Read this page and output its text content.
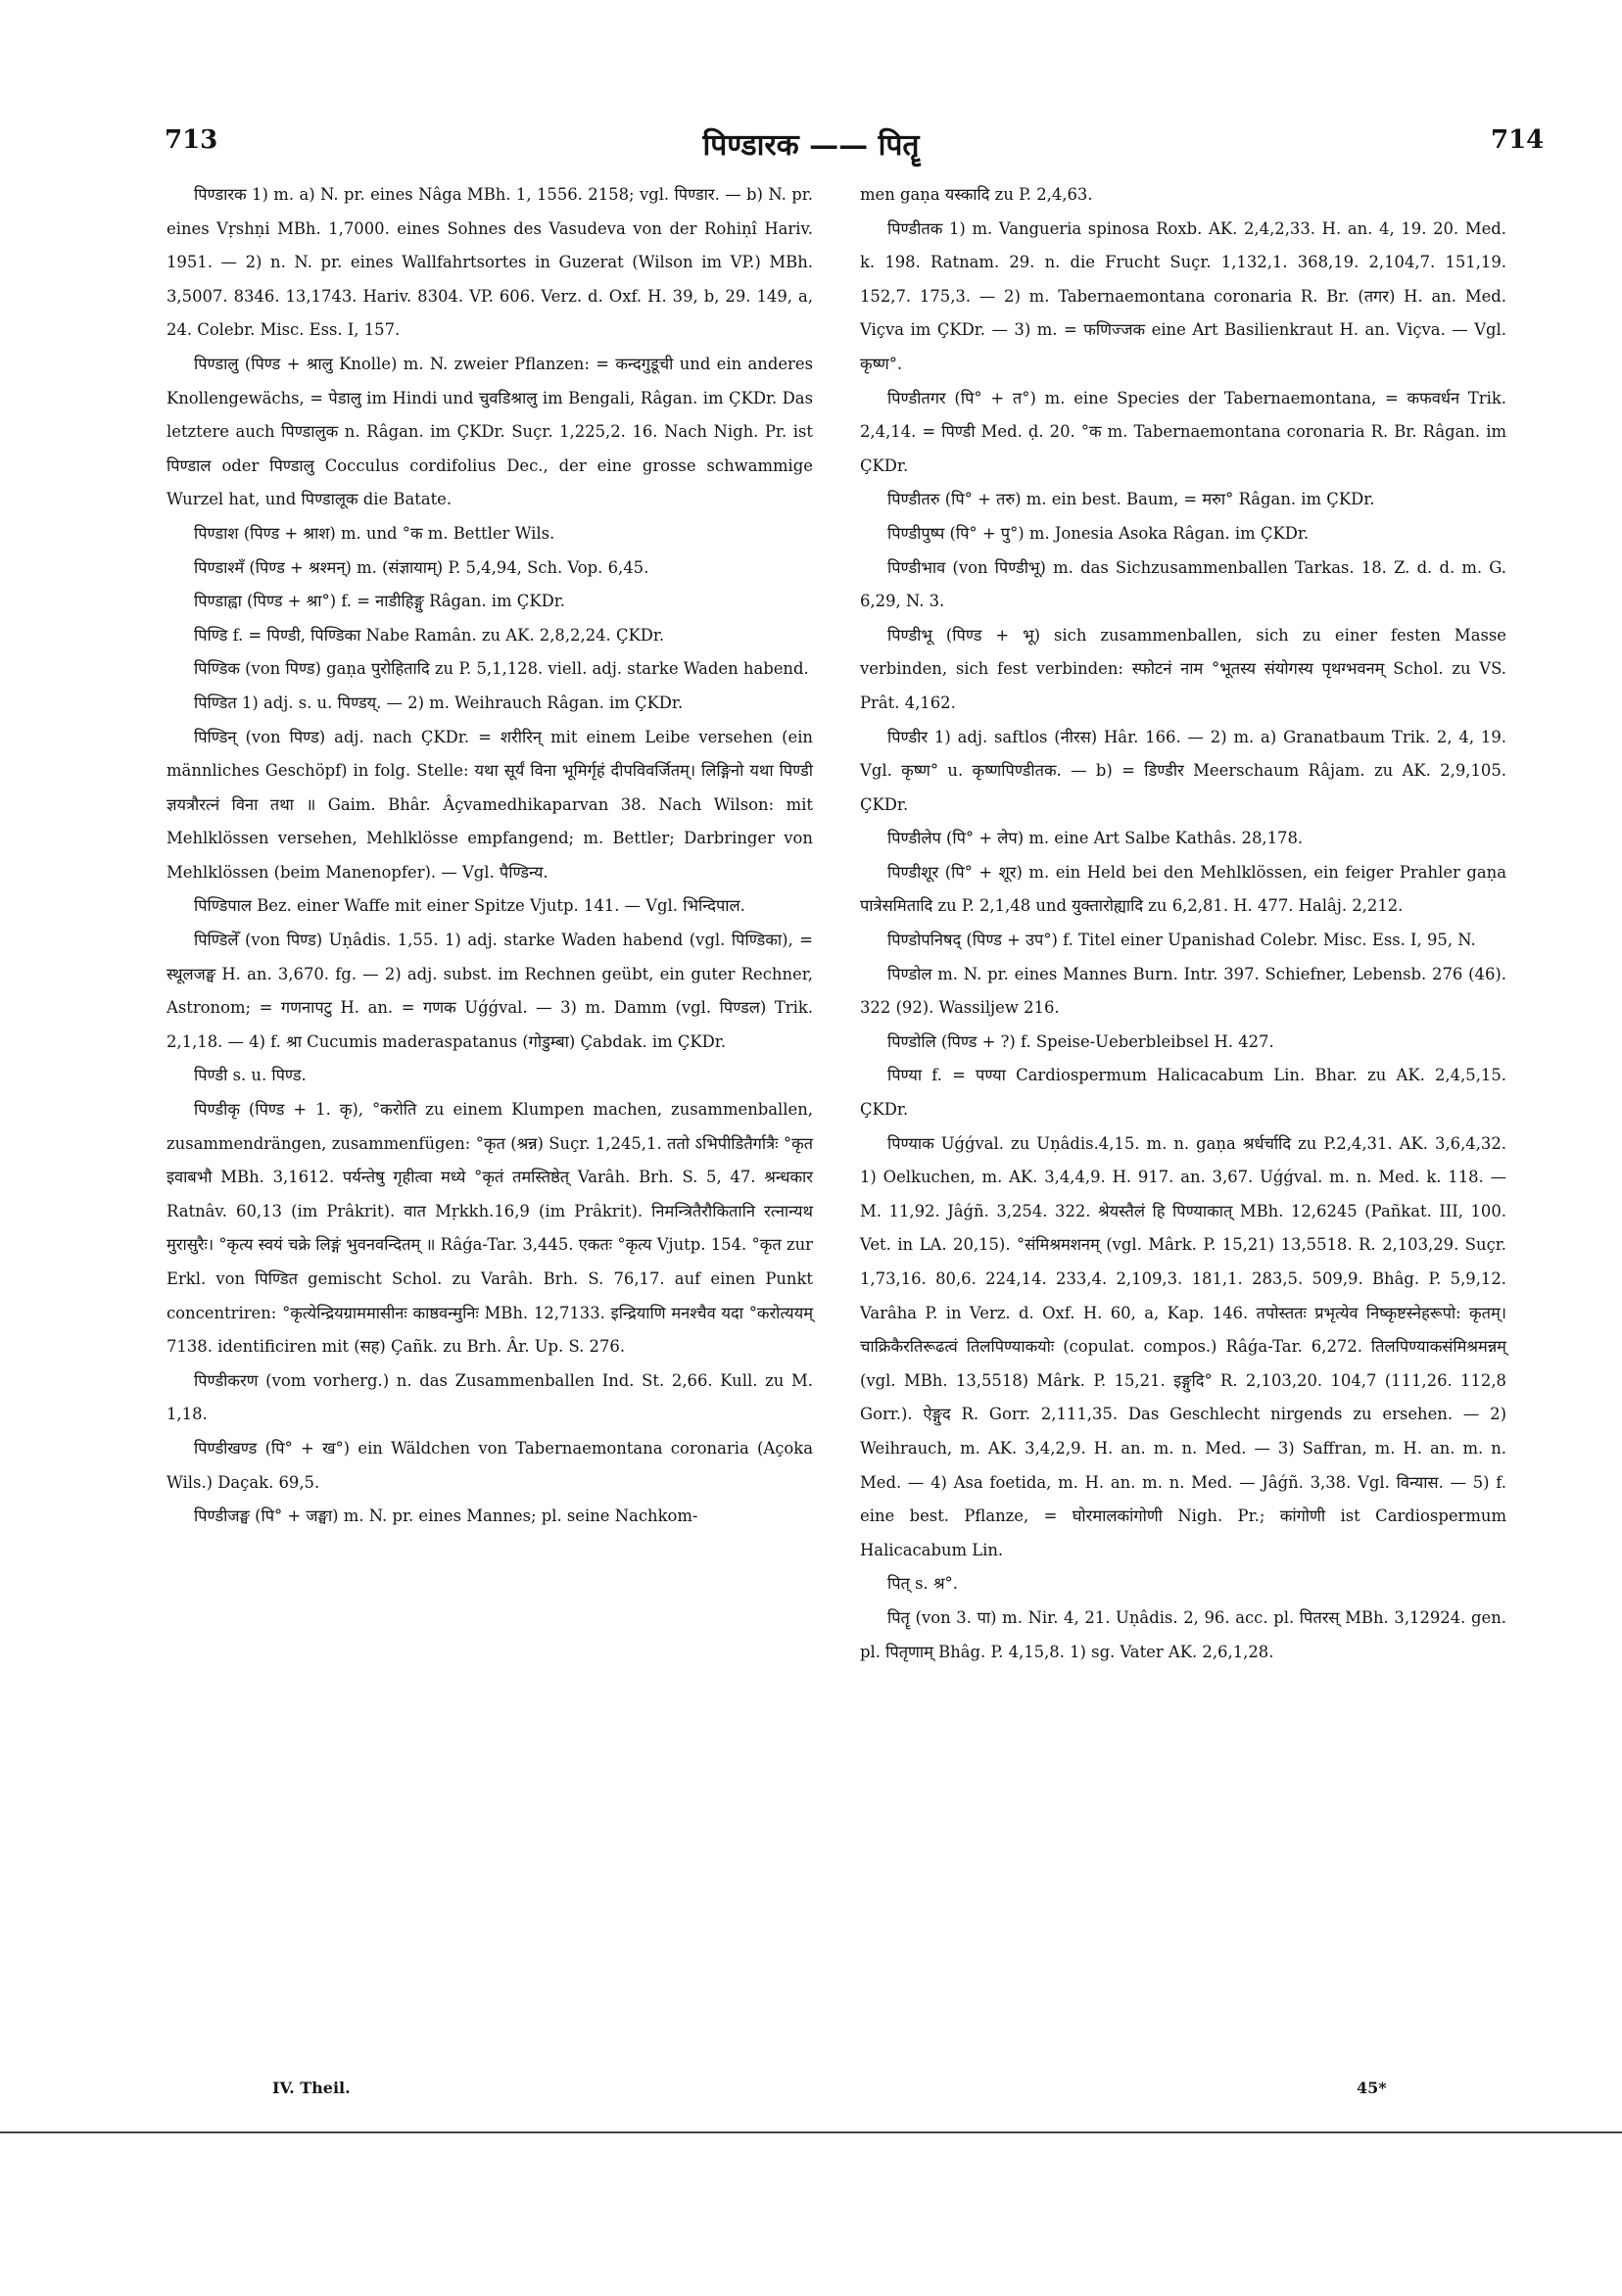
713	पिण्डारक —— पितॄ	714

पिण्डारक 1) m. a) N. pr. eines Nâga MBh. 1, 1556. 2158; vgl. पिण्डार. — b) N. pr. eines Vṛshṇi MBh. 1,7000. eines Sohnes des Vasudeva von der Rohiṇî Hariv. 1951. — 2) n. N. pr. eines Wallfahrtsortes in Guzerat (Wilson im VP.) MBh. 3,5007. 8346. 13,1743. Hariv. 8304. VP. 606. Verz. d. Oxf. H. 39, b, 29. 149, a, 24. Colebr. Misc. Ess. I, 157.

पिण्डालु (पिण्ड + श्रालु Knolle) m. N. zweier Pflanzen: = कन्दगुडूची und ein anderes Knollengewächs, = पेडालु im Hindi und चुवडिश्रालु im Bengali, Râgan. im ÇKDr. Das letztere auch पिण्डालुक n. Râgan. im ÇKDr. Suçr. 1,225,2. 16. Nach Nigh. Pr. ist पिण्डाल oder पिण्डालु Cocculus cordifolius Dec., der eine grosse schwammige Wurzel hat, und पिण्डालूक die Batate.

पिण्डाश (पिण्ड + श्राश) m. und °क m. Bettler Wils.

पिण्डाश्मँ (पिण्ड + श्रश्मन्) m. (संज्ञायाम्) P. 5,4,94, Sch. Vop. 6,45.

पिण्डाह्वा (पिण्ड + श्रा°) f. = नाडीहिङ्गु Râgan. im ÇKDr.

पिण्डि f. = पिण्डी, पिण्डिका Nabe Ramân. zu AK. 2,8,2,24. ÇKDr.

पिण्डिक (von पिण्ड) gaṇa पुरोहितादि zu P. 5,1,128. viell. adj. starke Waden habend.

पिण्डित 1) adj. s. u. पिण्डय्. — 2) m. Weihrauch Râgan. im ÇKDr.

पिण्डिन् (von पिण्ड) adj. nach ÇKDr. = शरीरिन् mit einem Leibe versehen (ein männliches Geschöpf) in folg. Stelle: यथा सूर्यं विना भूमिर्गृहं दीपविवर्जितम्। लिङ्गिनो यथा पिण्डी ज्ञयत्रौरत्नं विना तथा ॥ Gaim. Bhâr. Âçvamedhikaparvan 38. Nach Wilson: mit Mehlklössen versehen, Mehlklösse empfangend; m. Bettler; Darbringer von Mehlklössen (beim Manenopfer). — Vgl. पैण्डिन्य.

पिण्डिपाल Bez. einer Waffe mit einer Spitze Vjutp. 141. — Vgl. भिन्दिपाल.

पिण्डिलेँ (von पिण्ड) Uṇâdis. 1,55. 1) adj. starke Waden habend (vgl. पिण्डिका), = स्थूलजङ्घ H. an. 3,670. fg. — 2) adj. subst. im Rechnen geübt, ein guter Rechner, Astronom; = गणनापटु H. an. = गणक Uǵǵval. — 3) m. Damm (vgl. पिण्डल) Trik. 2,1,18. — 4) f. श्रा Cucumis maderaspatanus (गोडुम्बा) Çabdak. im ÇKDr.

पिण्डी s. u. पिण्ड.

पिण्डीकृ (पिण्ड + 1. कृ), °करोति zu einem Klumpen machen, zusammenballen, zusammendrängen, zusammenfügen: °कृत (श्रन्न) Suçr. 1,245,1. ततो ऽभिपीडितैर्गात्रैः °कृत इवाबभौ MBh. 3,1612. पर्यन्तेषु गृहीत्वा मध्ये °कृतं तमस्तिष्ठेत् Varâh. Brh. S. 5, 47. श्रन्धकार Ratnâv. 60,13 (im Prâkrit). वात Mṛkkh.16,9 (im Prâkrit). निमन्त्रितैरौकितानि रत्नान्यथ मुरासुरैः। °कृत्य स्वयं चक्रे लिङ्गं भुवनवन्दितम् ॥ Râǵa-Tar. 3,445. एकतः °कृत्य Vjutp. 154. °कृत zur Erkl. von पिण्डित gemischt Schol. zu Varâh. Brh. S. 76,17. auf einen Punkt concentriren: °कृत्येन्द्रियग्राममासीनः काष्ठवन्मुनिः MBh. 12,7133. इन्द्रियाणि मनश्चैव यदा °करोत्ययम् 7138. identificiren mit (सह) Çañk. zu Brh. Âr. Up. S. 276.

पिण्डीकरण (vom vorherg.) n. das Zusammenballen Ind. St. 2,66. Kull. zu M. 1,18.

पिण्डीखण्ड (पि° + ख°) ein Wäldchen von Tabernaemontana coronaria (Açoka Wils.) Daçak. 69,5.

पिण्डीजङ्घ (पि° + जङ्घा) m. N. pr. eines Mannes; pl. seine Nachkom-

men gaṇa यस्कादि zu P. 2,4,63.

पिण्डीतक 1) m. Vangueria spinosa Roxb. AK. 2,4,2,33. H. an. 4, 19. 20. Med. k. 198. Ratnam. 29. n. die Frucht Suçr. 1,132,1. 368,19. 2,104,7. 151,19. 152,7. 175,3. — 2) m. Tabernaemontana coronaria R. Br. (तगर) H. an. Med. Viçva im ÇKDr. — 3) m. = फणिज्जक eine Art Basilienkraut H. an. Viçva. — Vgl. कृष्ण°.

पिण्डीतगर (पि° + त°) m. eine Species der Tabernaemontana, = कफवर्धन Trik. 2,4,14. = पिण्डी Med. ḍ. 20. °क m. Tabernaemontana coronaria R. Br. Râgan. im ÇKDr.

पिण्डीतरु (पि° + तरु) m. ein best. Baum, = मरुा° Râgan. im ÇKDr.

पिण्डीपुष्प (पि° + पु°) m. Jonesia Asoka Râgan. im ÇKDr.

पिण्डीभाव (von पिण्डीभू) m. das Sichzusammenballen Tarkas. 18. Z. d. d. m. G. 6,29, N. 3.

पिण्डीभू (पिण्ड + भू) sich zusammenballen, sich zu einer festen Masse verbinden, sich fest verbinden: स्फोटनं नाम °भूतस्य संयोगस्य पृथग्भवनम् Schol. zu VS. Prât. 4,162.

पिण्डीर 1) adj. saftlos (नीरस) Hâr. 166. — 2) m. a) Granatbaum Trik. 2, 4, 19. Vgl. कृष्ण° u. कृष्णपिण्डीतक. — b) = डिण्डीर Meerschaum Râjam. zu AK. 2,9,105. ÇKDr.

पिण्डीलेप (पि° + लेप) m. eine Art Salbe Kathâs. 28,178.

पिण्डीशूर (पि° + शूर) m. ein Held bei den Mehlklössen, ein feiger Prahler gaṇa पात्रेसमितादि zu P. 2,1,48 und युक्तारोह्यादि zu 6,2,81. H. 477. Halâj. 2,212.

पिण्डोपनिषद् (पिण्ड + उप°) f. Titel einer Upanishad Colebr. Misc. Ess. I, 95, N.

पिण्डोल m. N. pr. eines Mannes Burn. Intr. 397. Schiefner, Lebensb. 276 (46). 322 (92). Wassiljew 216.

पिण्डोलि (पिण्ड + ?) f. Speise-Ueberbleibsel H. 427.

पिण्या f. = पण्या Cardiospermum Halicacabum Lin. Bhar. zu AK. 2,4,5,15. ÇKDr.

पिण्याक Uǵǵval. zu Uṇâdis.4,15. m. n. gaṇa श्रर्धर्चादि zu P.2,4,31. AK. 3,6,4,32. 1) Oelkuchen, m. AK. 3,4,4,9. H. 917. an. 3,67. Uǵǵval. m. n. Med. k. 118. — M. 11,92. Jâǵñ. 3,254. 322. श्रेयस्तैलं हि पिण्याकात् MBh. 12,6245 (Pañkat. III, 100. Vet. in LA. 20,15). °संमिश्रमशनम् (vgl. Mârk. P. 15,21) 13,5518. R. 2,103,29. Suçr. 1,73,16. 80,6. 224,14. 233,4. 2,109,3. 181,1. 283,5. 509,9. Bhâg. P. 5,9,12. Varâha P. in Verz. d. Oxf. H. 60, a, Kap. 146. तपोस्ततः प्रभृत्येव निष्कृष्टस्नेहरूपो: कृतम्। चाक्रिकैरतिरूढत्वं तिलपिण्याकयोः (copulat. compos.) Râǵa-Tar. 6,272. तिलपिण्याकसंमिश्रमन्नम् (vgl. MBh. 13,5518) Mârk. P. 15,21. इङ्गुदि° R. 2,103,20. 104,7 (111,26. 112,8 Gorr.). ऐङ्गुद R. Gorr. 2,111,35. Das Geschlecht nirgends zu ersehen. — 2) Weihrauch, m. AK. 3,4,2,9. H. an. m. n. Med. — 3) Saffran, m. H. an. m. n. Med. — 4) Asa foetida, m. H. an. m. n. Med. — Jâǵñ. 3,38. Vgl. विन्यास. — 5) f. eine best. Pflanze, = घोरमालकांगोणी Nigh. Pr.; कांगोणी ist Cardiospermum Halicacabum Lin.

पित् s. श्र°.

पितॄ (von 3. पा) m. Nir. 4, 21. Uṇâdis. 2, 96. acc. pl. पितरस् MBh. 3,12924. gen. pl. पितृणाम् Bhâg. P. 4,15,8. 1) sg. Vater AK. 2,6,1,28.

IV. Theil.	45*
